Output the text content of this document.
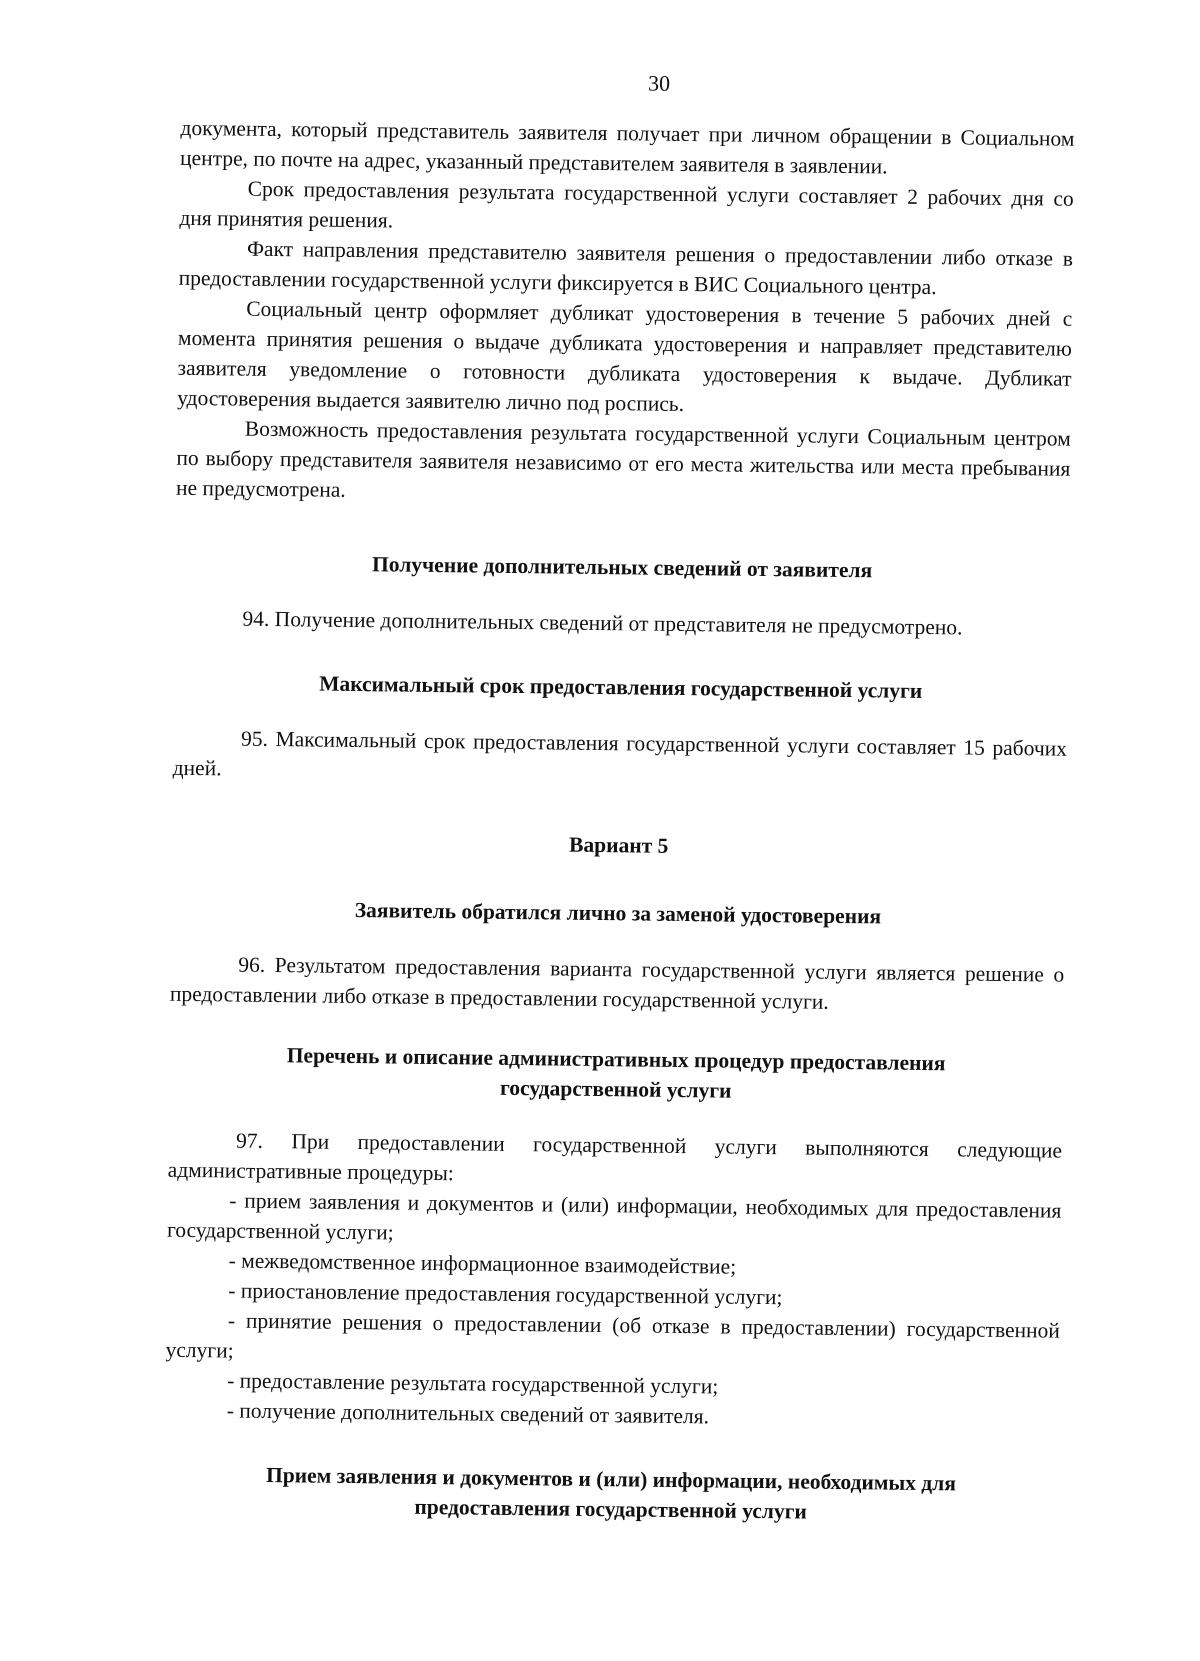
30

документа, который представитель заявителя получает при личном обращении в Социальном центре, по почте на адрес, указанный представителем заявителя в заявлении.

Срок предоставления результата государственной услуги составляет 2 рабочих дня со дня принятия решения.

Факт направления представителю заявителя решения о предоставлении либо отказе в предоставлении государственной услуги фиксируется в ВИС Социального центра.

Социальный центр оформляет дубликат удостоверения в течение 5 рабочих дней с момента принятия решения о выдаче дубликата удостоверения и направляет представителю заявителя уведомление о готовности дубликата удостоверения к выдаче. Дубликат удостоверения выдается заявителю лично под роспись.

Возможность предоставления результата государственной услуги Социальным центром по выбору представителя заявителя независимо от его места жительства или места пребывания не предусмотрена.

Получение дополнительных сведений от заявителя

94. Получение дополнительных сведений от представителя не предусмотрено.

Максимальный срок предоставления государственной услуги

95. Максимальный срок предоставления государственной услуги составляет 15 рабочих дней.

Вариант 5
Заявитель обратился лично за заменой удостоверения

96. Результатом предоставления варианта государственной услуги является решение о предоставлении либо отказе в предоставлении государственной услуги.

Перечень и описание административных процедур предоставления
государственной услуги

97. При предоставлении государственной услуги выполняются следующие административные процедуры:

- прием заявления и документов и (или) информации, необходимых для предоставления государственной услуги;

- межведомственное информационное взаимодействие;

- приостановление предоставления государственной услуги;

- принятие решения о предоставлении (об отказе в предоставлении) государственной услуги;

- предоставление результата государственной услуги;

- получение дополнительных сведений от заявителя.

Прием заявления и документов и (или) информации, необходимых для
предоставления государственной услуги
